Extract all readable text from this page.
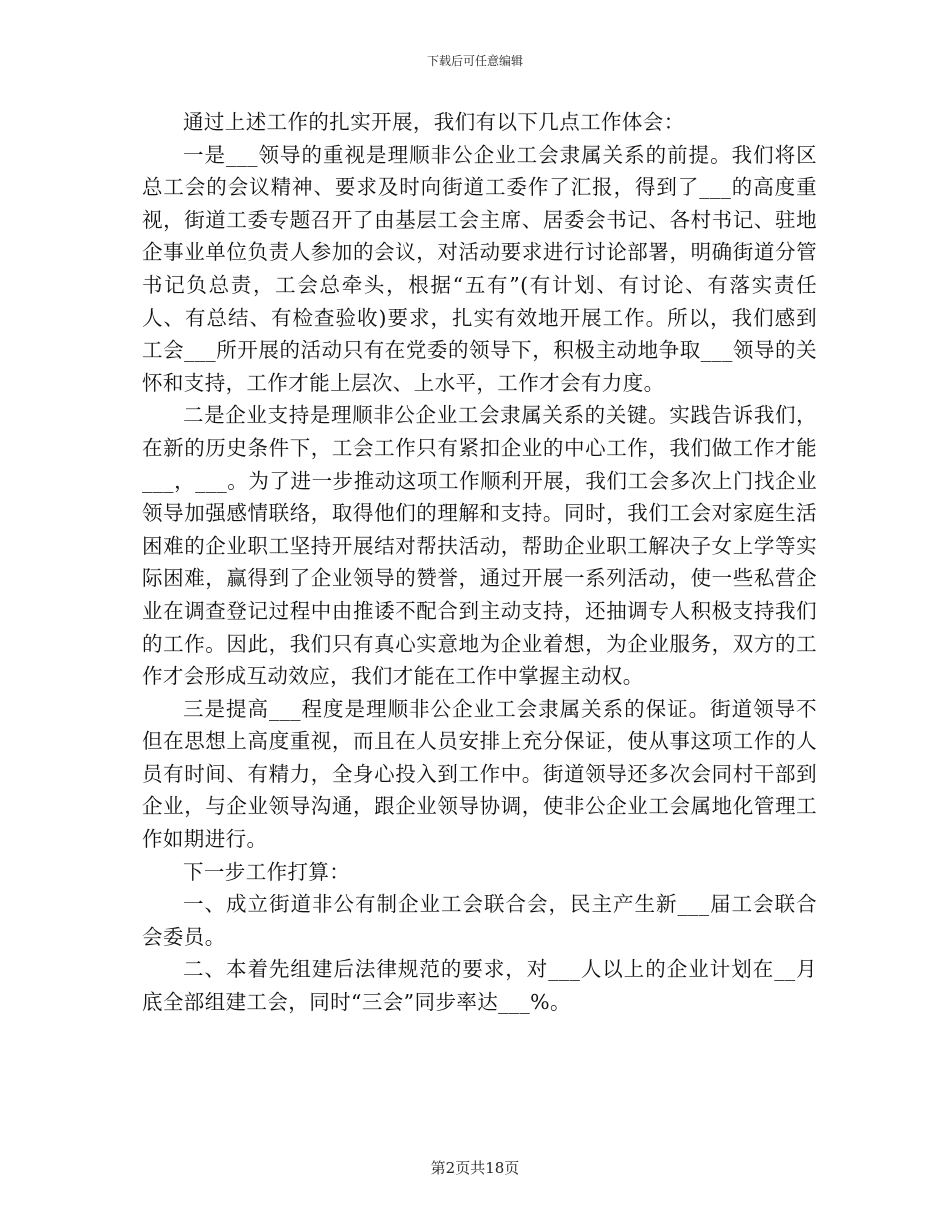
下载后可任意编辑

通过上述工作的扎实开展，我们有以下几点工作体会：

一是___领导的重视是理顺非公企业工会隶属关系的前提。我们将区总工会的会议精神、要求及时向街道工委作了汇报，得到了___的高度重视，街道工委专题召开了由基层工会主席、居委会书记、各村书记、驻地企事业单位负责人参加的会议，对活动要求进行讨论部署，明确街道分管书记负总责，工会总牵头，根据“五有”(有计划、有讨论、有落实责任人、有总结、有检查验收)要求，扎实有效地开展工作。所以，我们感到工会___所开展的活动只有在党委的领导下，积极主动地争取___领导的关怀和支持，工作才能上层次、上水平，工作才会有力度。

二是企业支持是理顺非公企业工会隶属关系的关键。实践告诉我们，在新的历史条件下，工会工作只有紧扣企业的中心工作，我们做工作才能___，___。为了进一步推动这项工作顺利开展，我们工会多次上门找企业领导加强感情联络，取得他们的理解和支持。同时，我们工会对家庭生活困难的企业职工坚持开展结对帮扶活动，帮助企业职工解决子女上学等实际困难，赢得到了企业领导的赞誉，通过开展一系列活动，使一些私营企业在调查登记过程中由推诿不配合到主动支持，还抽调专人积极支持我们的工作。因此，我们只有真心实意地为企业着想，为企业服务，双方的工作才会形成互动效应，我们才能在工作中掌握主动权。

三是提高___程度是理顺非公企业工会隶属关系的保证。街道领导不但在思想上高度重视，而且在人员安排上充分保证，使从事这项工作的人员有时间、有精力，全身心投入到工作中。街道领导还多次会同村干部到企业，与企业领导沟通，跟企业领导协调，使非公企业工会属地化管理工作如期进行。

下一步工作打算：

一、成立街道非公有制企业工会联合会，民主产生新___届工会联合会委员。

二、本着先组建后法律规范的要求，对___人以上的企业计划在__月底全部组建工会，同时“三会”同步率达___%。

第2页共18页
